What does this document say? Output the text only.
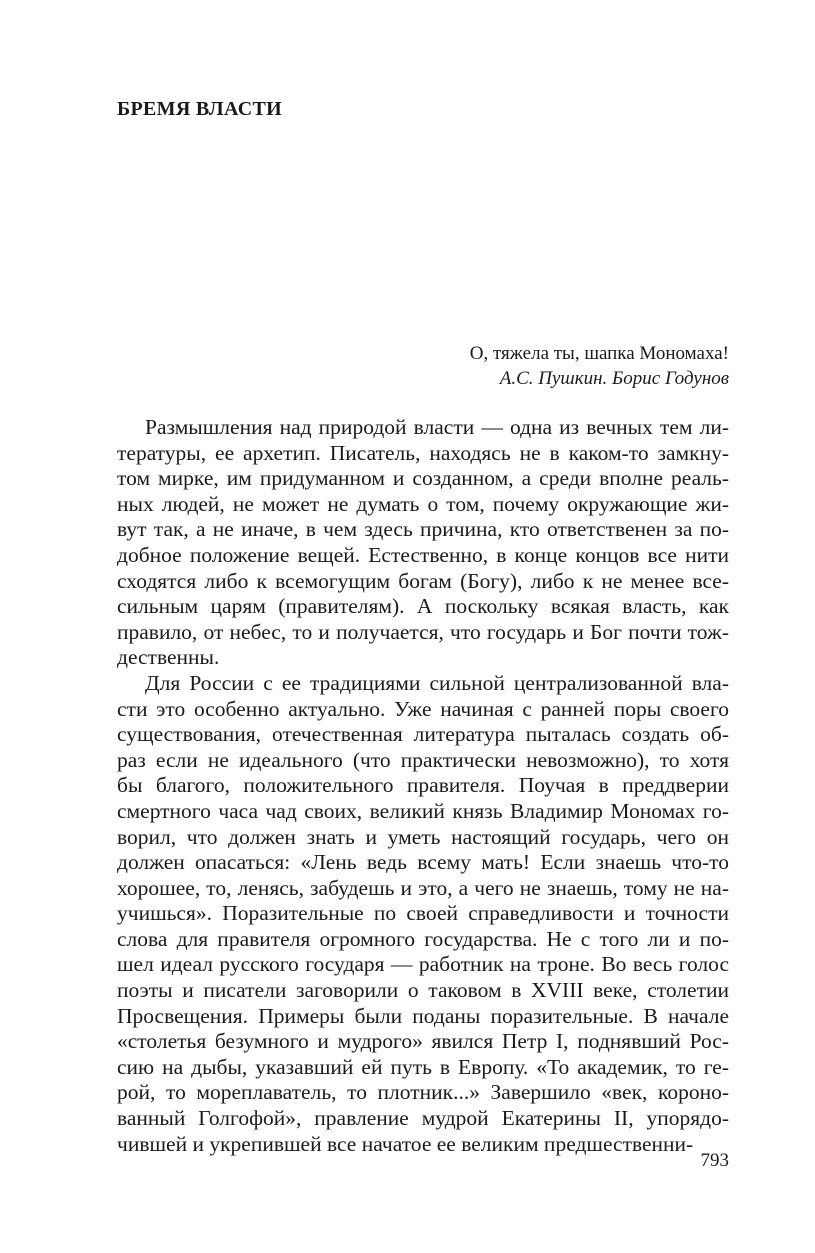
БРЕМЯ ВЛАСТИ
О, тяжела ты, шапка Мономаха!
А.С. Пушкин. Борис Годунов

Размышления над природой власти — одна из вечных тем ли-
тературы, ее архетип. Писатель, находясь не в каком-то замкну-
том мирке, им придуманном и созданном, а среди вполне реаль-
ных людей, не может не думать о том, почему окружающие жи-
вут так, а не иначе, в чем здесь причина, кто ответственен за по-
добное положение вещей. Естественно, в конце концов все нити
сходятся либо к всемогущим богам (Богу), либо к не менее все-
сильным царям (правителям). А поскольку всякая власть, как
правило, от небес, то и получается, что государь и Бог почти тож-
дественны.

Для России с ее традициями сильной централизованной вла-
сти это особенно актуально. Уже начиная с ранней поры своего
существования, отечественная литература пыталась создать об-
раз если не идеального (что практически невозможно), то хотя
бы благого, положительного правителя. Поучая в преддверии
смертного часа чад своих, великий князь Владимир Мономах го-
ворил, что должен знать и уметь настоящий государь, чего он
должен опасаться: «Лень ведь всему мать! Если знаешь что-то
хорошее, то, ленясь, забудешь и это, а чего не знаешь, тому не на-
учишься». Поразительные по своей справедливости и точности
слова для правителя огромного государства. Не с того ли и по-
шел идеал русского государя — работник на троне. Во весь голос
поэты и писатели заговорили о таковом в XVIII веке, столетии
Просвещения. Примеры были поданы поразительные. В начале
«столетья безумного и мудрого» явился Петр I, поднявший Рос-
сию на дыбы, указавший ей путь в Европу. «То академик, то ге-
рой, то мореплаватель, то плотник...» Завершило «век, короно-
ванный Голгофой», правление мудрой Екатерины II, упорядо-
чившей и укрепившей все начатое ее великим предшественни-

793
